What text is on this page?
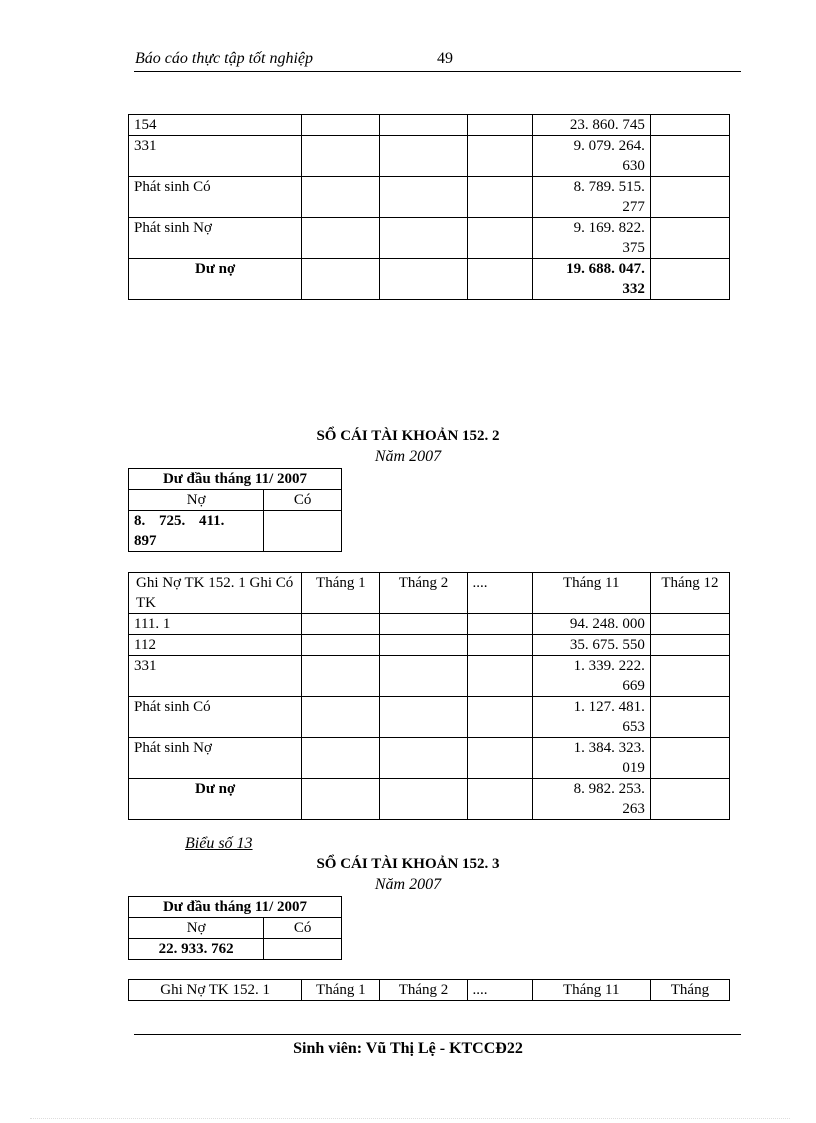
Báo cáo thực tập tốt nghiệp	49
154				23. 860. 745	
331				9. 079. 264. 630	
Phát sinh Có				8. 789. 515. 277	
Phát sinh Nợ				9. 169. 822. 375	
Dư nợ				19. 688. 047. 332	
SỔ CÁI TÀI KHOẢN 152. 2
Năm 2007
Dư đầu tháng 11/ 2007	
Nợ	Có
8. 725. 411. 897	
Ghi Nợ TK 152. 1 Ghi Có TK	Tháng 1	Tháng 2	....	Tháng 11	Tháng 12
111. 1				94. 248. 000	
112				35. 675. 550	
331				1. 339. 222. 669	
Phát sinh Có				1. 127. 481. 653	
Phát sinh Nợ				1. 384. 323. 019	
Dư nợ				8. 982. 253. 263	
Biểu số 13
SỔ CÁI TÀI KHOẢN 152. 3
Năm 2007
Dư đầu tháng 11/ 2007	
Nợ	Có
22. 933. 762	
Ghi Nợ TK 152. 1	Tháng 1	Tháng 2	....	Tháng 11	Tháng
Sinh viên: Vũ Thị Lệ - KTCCĐ22
